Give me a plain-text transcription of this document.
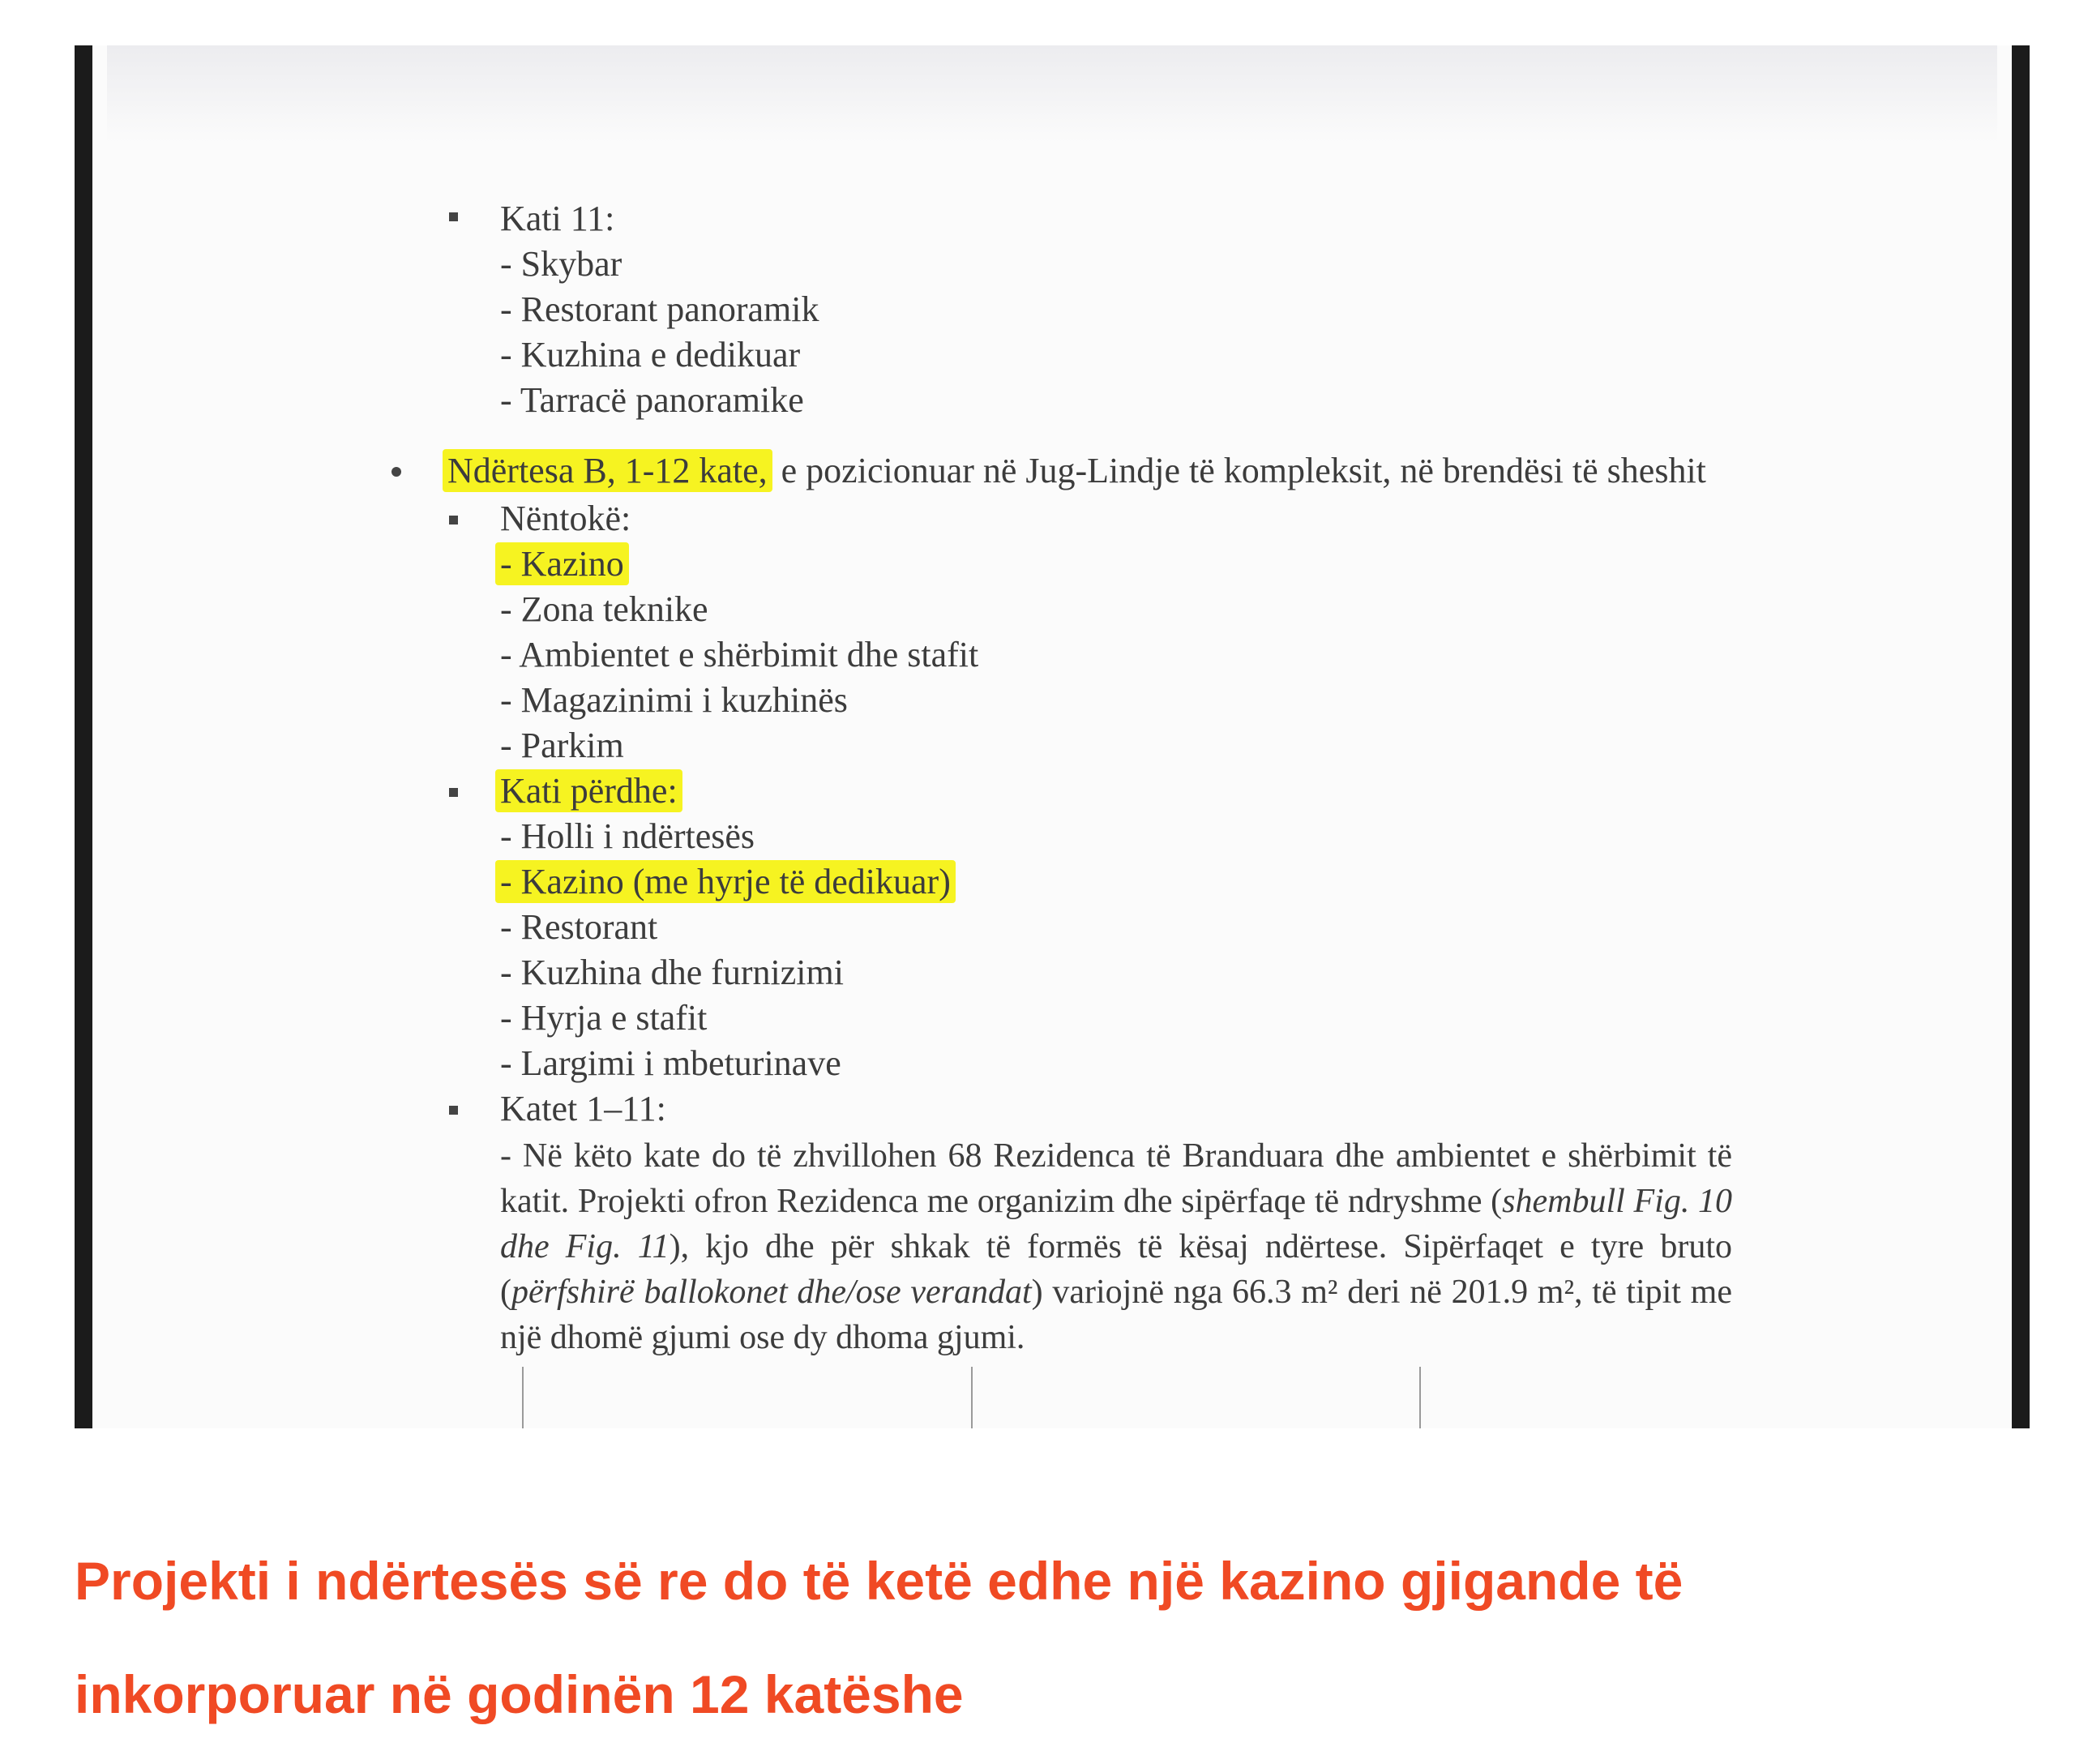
Kati 11:
- Skybar
- Restorant panoramik
- Kuzhina e dedikuar
- Tarracë panoramike
Ndërtesa B, 1-12 kate, e pozicionuar në Jug-Lindje të kompleksit, në brendësi të sheshit
Nëntokë:
- Kazino
- Zona teknike
- Ambientet e shërbimit dhe stafit
- Magazinimi i kuzhinës
- Parkim
Kati përdhe:
- Holli i ndërtesës
- Kazino (me hyrje të dedikuar)
- Restorant
- Kuzhina dhe furnizimi
- Hyrja e stafit
- Largimi i mbeturinave
Katet 1–11:
- Në këto kate do të zhvillohen 68 Rezidenca të Branduara dhe ambientet e shërbimit të katit. Projekti ofron Rezidenca me organizim dhe sipërfaqe të ndryshme (shembull Fig. 10 dhe Fig. 11), kjo dhe për shkak të formës të kësaj ndërtese. Sipërfaqet e tyre bruto (përfshirë ballokonet dhe/ose verandat) variojnë nga 66.3 m² deri në 201.9 m², të tipit me një dhomë gjumi ose dy dhoma gjumi.
Projekti i ndërtesës së re do të ketë edhe një kazino gjigande të inkorporuar në godinën 12 katëshe
